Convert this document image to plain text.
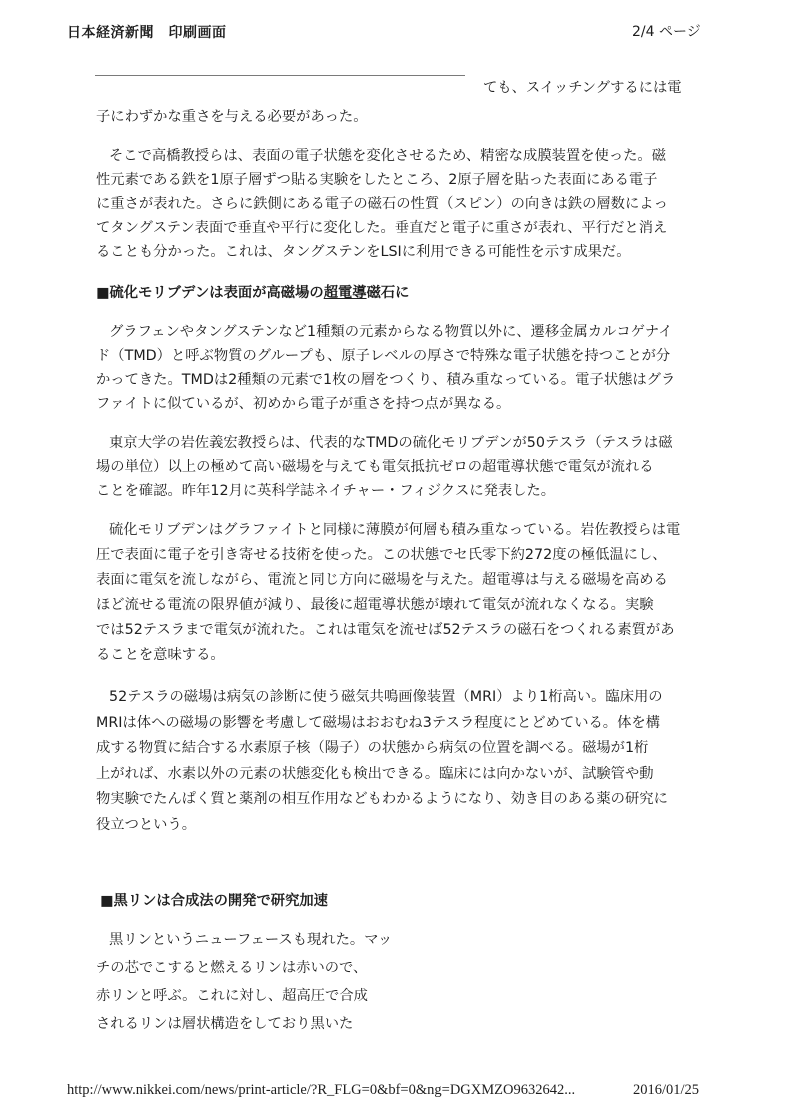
日本経済新聞　印刷画面	2/4 ページ
ても、スイッチングするには電
子にわずかな重さを与える必要があった。
そこで高橋教授らは、表面の電子状態を変化させるため、精密な成膜装置を使った。磁
性元素である鉄を1原子層ずつ貼る実験をしたところ、2原子層を貼った表面にある電子
に重さが表れた。さらに鉄側にある電子の磁石の性質（スピン）の向きは鉄の層数によっ
てタングステン表面で垂直や平行に変化した。垂直だと電子に重さが表れ、平行だと消え
ることも分かった。これは、タングステンをLSIに利用できる可能性を示す成果だ。
■硫化モリブデンは表面が高磁場の超電導磁石に
グラフェンやタングステンなど1種類の元素からなる物質以外に、遷移金属カルコゲナイ
ド（TMD）と呼ぶ物質のグループも、原子レベルの厚さで特殊な電子状態を持つことが分
かってきた。TMDは2種類の元素で1枚の層をつくり、積み重なっている。電子状態はグラ
ファイトに似ているが、初めから電子が重さを持つ点が異なる。
東京大学の岩佐義宏教授らは、代表的なTMDの硫化モリブデンが50テスラ（テスラは磁
場の単位）以上の極めて高い磁場を与えても電気抵抗ゼロの超電導状態で電気が流れる
ことを確認。昨年12月に英科学誌ネイチャー・フィジクスに発表した。
硫化モリブデンはグラファイトと同様に薄膜が何層も積み重なっている。岩佐教授らは電
圧で表面に電子を引き寄せる技術を使った。この状態でセ氏零下約272度の極低温にし、
表面に電気を流しながら、電流と同じ方向に磁場を与えた。超電導は与える磁場を高める
ほど流せる電流の限界値が減り、最後に超電導状態が壊れて電気が流れなくなる。実験
では52テスラまで電気が流れた。これは電気を流せば52テスラの磁石をつくれる素質があ
ることを意味する。
52テスラの磁場は病気の診断に使う磁気共鳴画像装置（MRI）より1桁高い。臨床用の
MRIは体への磁場の影響を考慮して磁場はおおむね3テスラ程度にとどめている。体を構
成する物質に結合する水素原子核（陽子）の状態から病気の位置を調べる。磁場が1桁
上がれば、水素以外の元素の状態変化も検出できる。臨床には向かないが、試験管や動
物実験でたんぱく質と薬剤の相互作用などもわかるようになり、効き目のある薬の研究に
役立つという。
■黒リンは合成法の開発で研究加速
黒リンというニューフェースも現れた。マッ
チの芯でこすると燃えるリンは赤いので、
赤リンと呼ぶ。これに対し、超高圧で合成
されるリンは層状構造をしており黒いた
http://www.nikkei.com/news/print-article/?R_FLG=0&bf=0&ng=DGXMZO9632642...	2016/01/25
